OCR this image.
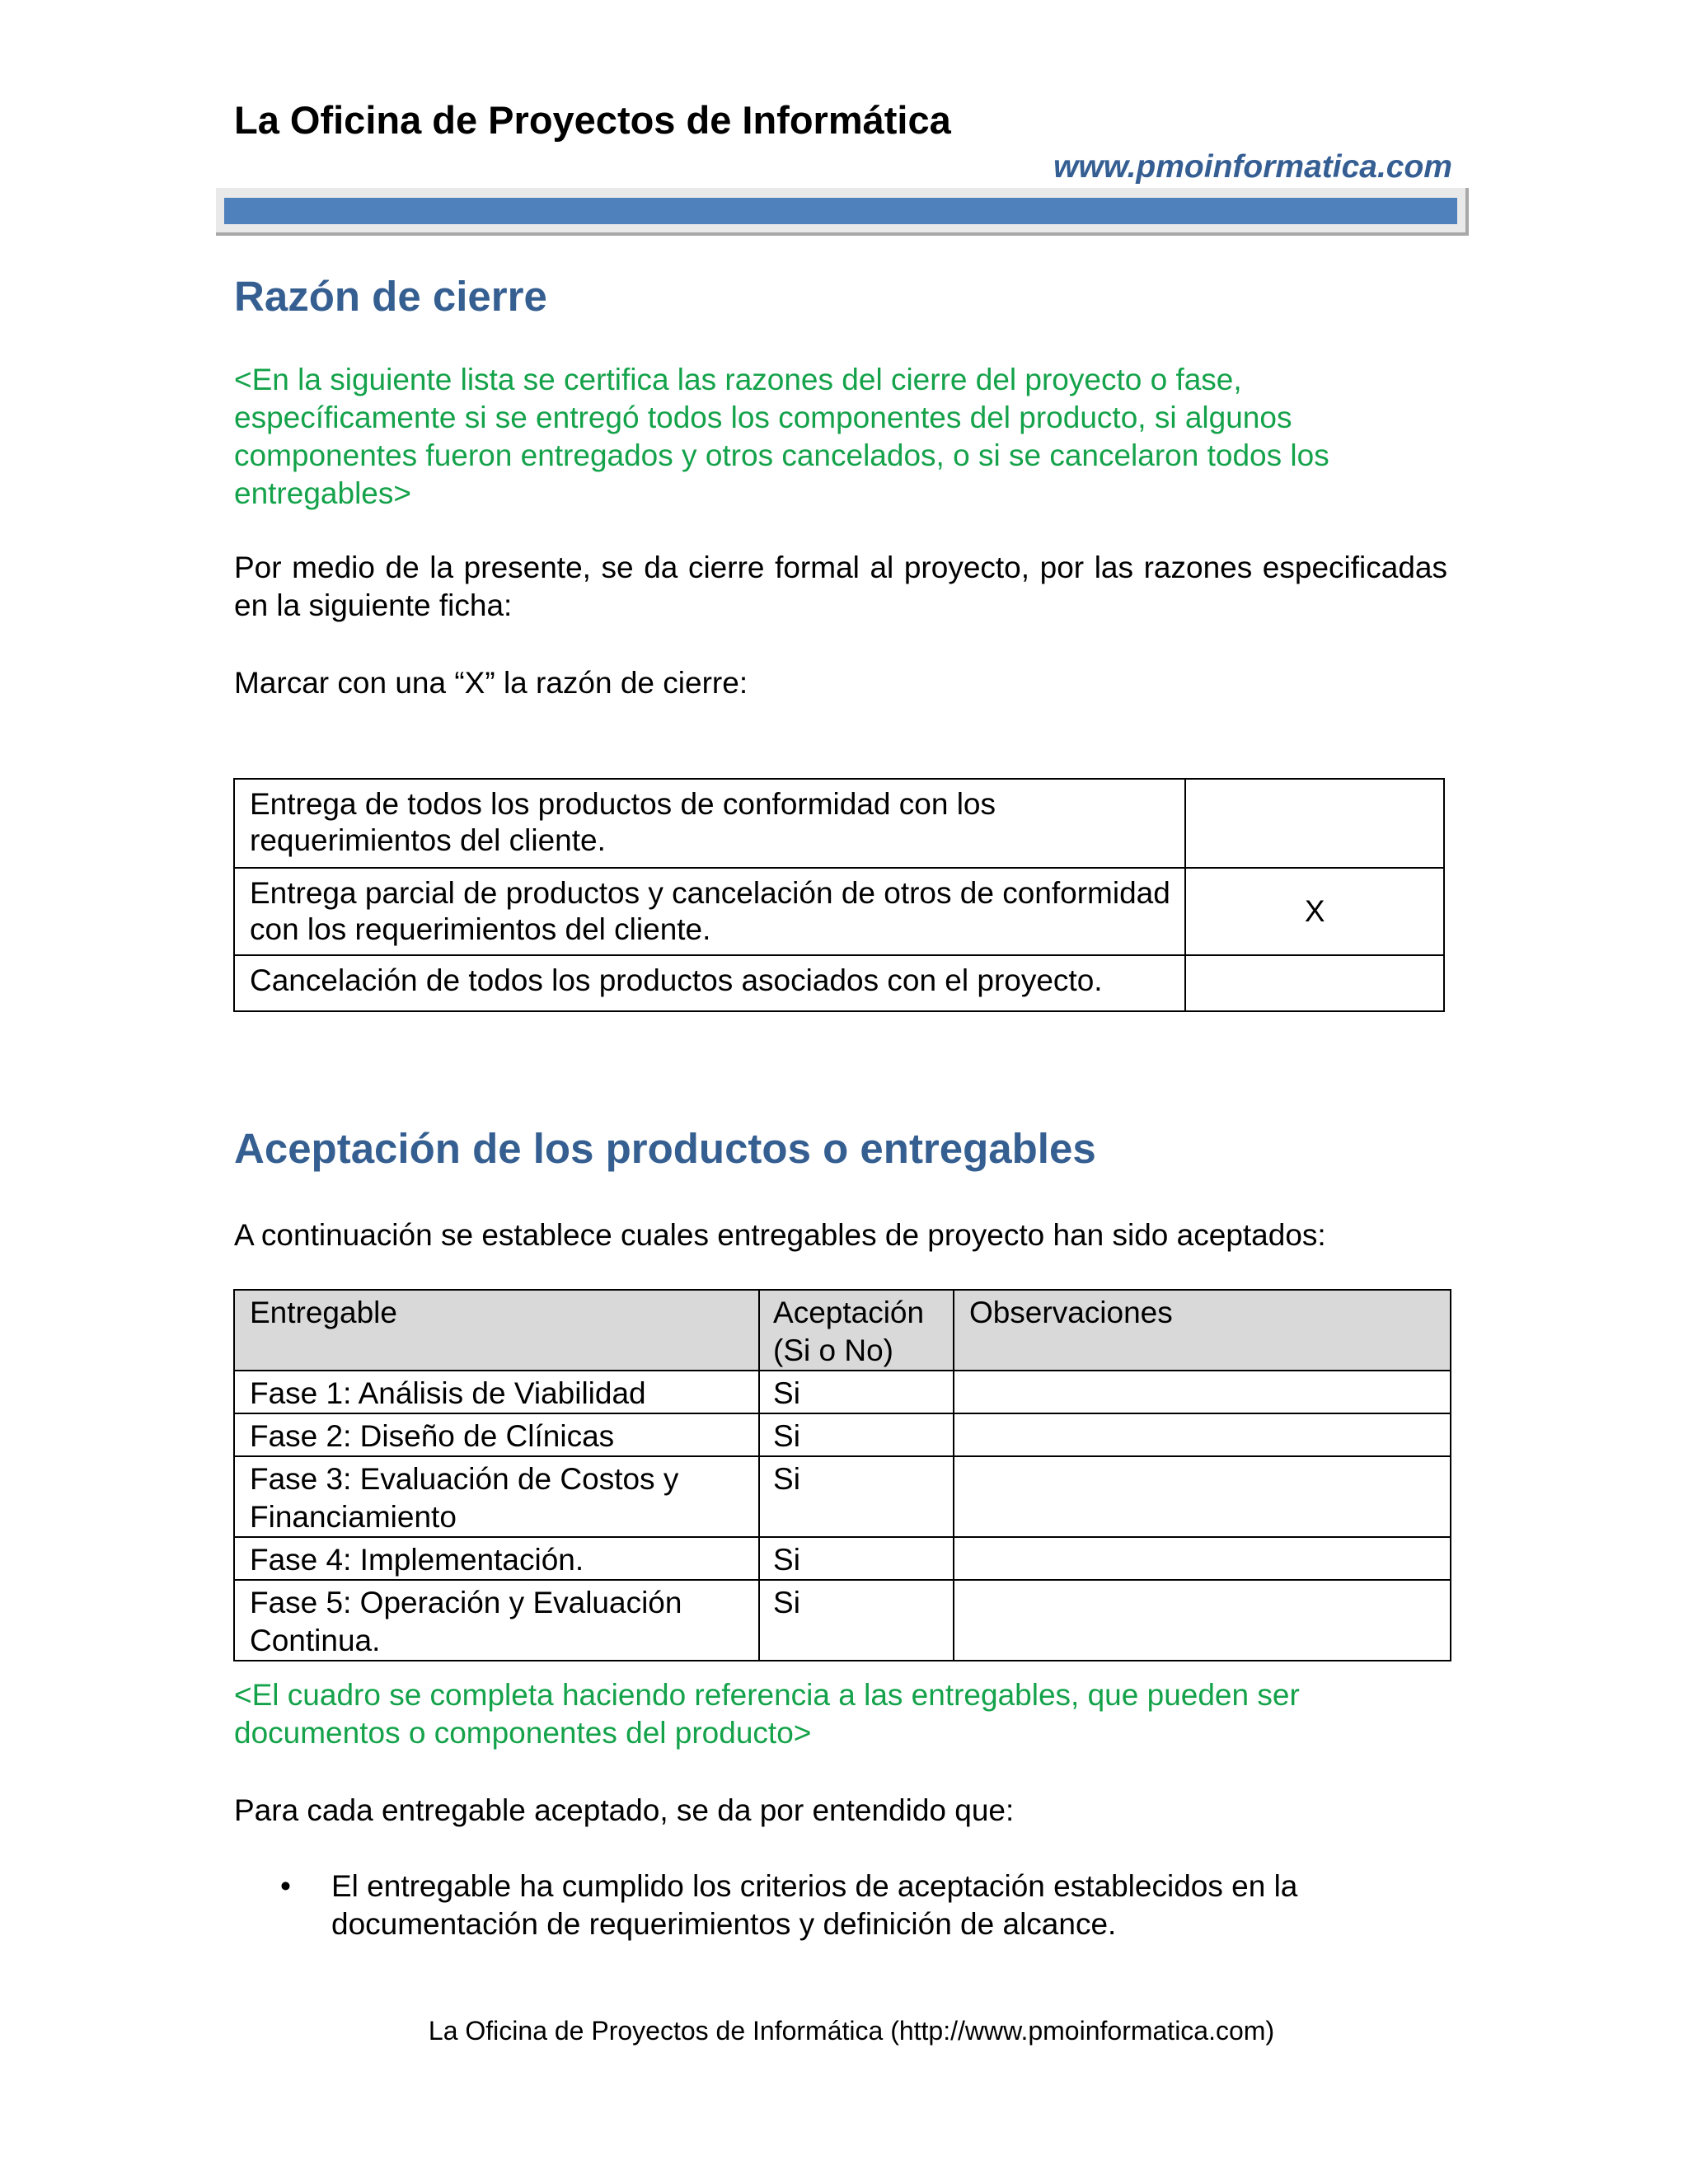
La Oficina de Proyectos de Informática
www.pmoinformatica.com
Razón de cierre
<En la siguiente lista se certifica las razones del cierre del proyecto o fase, específicamente si se entregó todos los componentes del producto, si algunos componentes fueron entregados y otros cancelados, o si se cancelaron todos los entregables>
Por medio de la presente, se da cierre formal al proyecto, por las razones especificadas en la siguiente ficha:
Marcar con una “X” la razón de cierre:
Entrega de todos los productos de conformidad con los requerimientos del cliente.	
Entrega parcial de productos y cancelación de otros de conformidad con los requerimientos del cliente.	X
Cancelación de todos los productos asociados con el proyecto.	
Aceptación de los productos o entregables
A continuación se establece cuales entregables de proyecto han sido aceptados:
Entregable	Aceptación (Si o No)	Observaciones
Fase 1: Análisis de Viabilidad	Si	
Fase 2: Diseño de Clínicas	Si	
Fase 3: Evaluación de Costos y Financiamiento	Si	
Fase 4: Implementación.	Si	
Fase 5: Operación y Evaluación Continua.	Si	
<El cuadro se completa haciendo referencia a las entregables, que pueden ser documentos o componentes del producto>
Para cada entregable aceptado, se da por entendido que:
•	El entregable ha cumplido los criterios de aceptación establecidos en la documentación de requerimientos y definición de alcance.
La Oficina de Proyectos de Informática (http://www.pmoinformatica.com)
